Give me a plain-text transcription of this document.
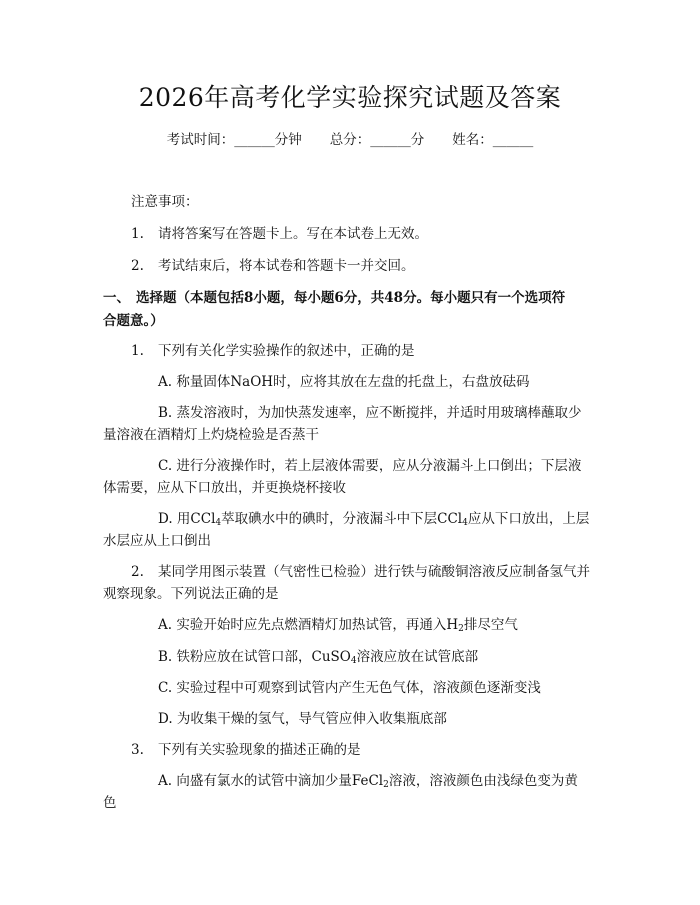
2026年高考化学实验探究试题及答案
考试时间：______分钟 总分：______分 姓名：______
注意事项：
1. 请将答案写在答题卡上。写在本试卷上无效。
2. 考试结束后，将本试卷和答题卡一并交回。
一、 选择题（本题包括8小题，每小题6分，共48分。每小题只有一个选项符
合题意。）
1. 下列有关化学实验操作的叙述中，正确的是
A. 称量固体NaOH时，应将其放在左盘的托盘上，右盘放砝码
B. 蒸发溶液时，为加快蒸发速率，应不断搅拌，并适时用玻璃棒蘸取少
量溶液在酒精灯上灼烧检验是否蒸干
C. 进行分液操作时，若上层液体需要，应从分液漏斗上口倒出；下层液
体需要，应从下口放出，并更换烧杯接收
D. 用CCl$_4$萃取碘水中的碘时，分液漏斗中下层CCl$_4$应从下口放出，上层
水层应从上口倒出
2. 某同学用图示装置（气密性已检验）进行铁与硫酸铜溶液反应制备氢气并
观察现象。下列说法正确的是
A. 实验开始时应先点燃酒精灯加热试管，再通入$H_2$排尽空气
B. 铁粉应放在试管口部，CuSO$_4$溶液应放在试管底部
C. 实验过程中可观察到试管内产生无色气体，溶液颜色逐渐变浅
D. 为收集干燥的氢气，导气管应伸入收集瓶底部
3. 下列有关实验现象的描述正确的是
A. 向盛有氯水的试管中滴加少量FeCl$_2$溶液，溶液颜色由浅绿色变为黄
色
